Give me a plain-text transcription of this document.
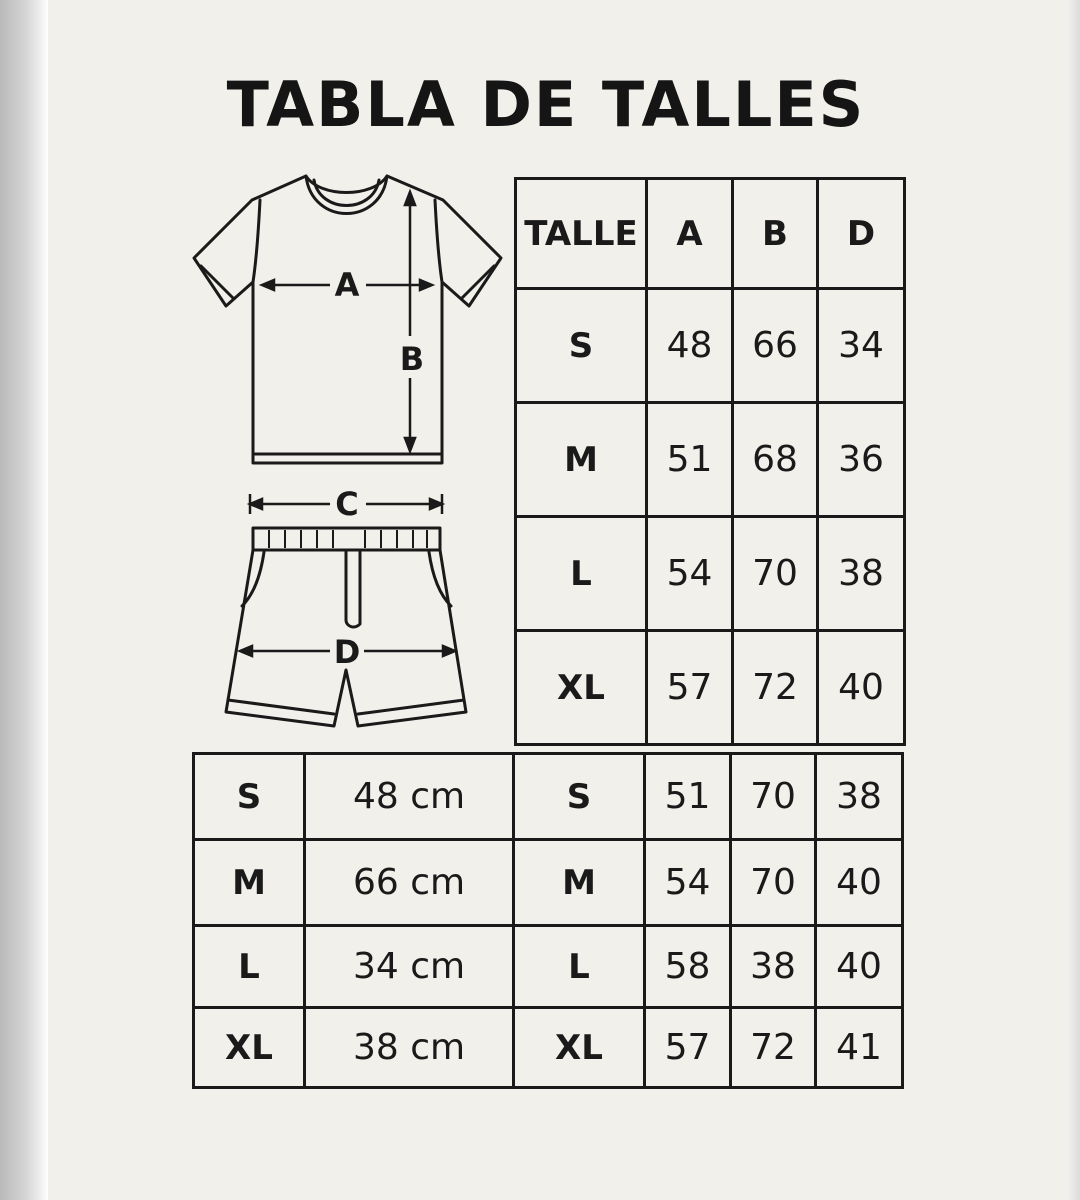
TABLA DE TALLES
A
B
C
D
TALLE	A	B	D
S	48	66	34
M	51	68	36
L	54	70	38
XL	57	72	40
S	48 cm	S	51	70	38
M	66 cm	M	54	70	40
L	34 cm	L	58	38	40
XL	38 cm	XL	57	72	41
